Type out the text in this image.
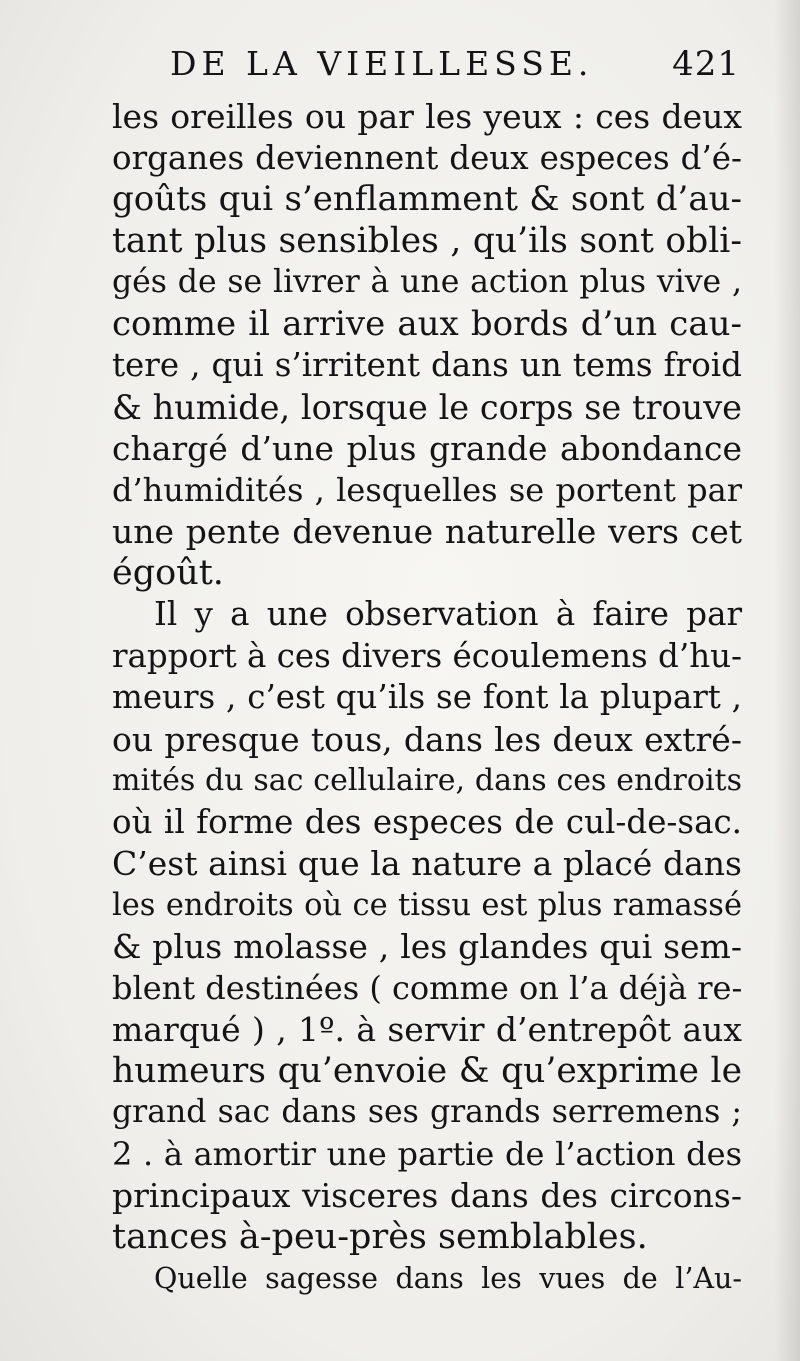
DE LA VIEILLESSE. 421
les oreilles ou par les yeux : ces deux
organes deviennent deux especes d’é-
goûts qui s’enflamment & sont d’au-
tant plus sensibles , qu’ils sont obli-
gés de se livrer à une action plus vive ,
comme il arrive aux bords d’un cau-
tere , qui s’irritent dans un tems froid
& humide, lorsque le corps se trouve
chargé d’une plus grande abondance
d’humidités , lesquelles se portent par
une pente devenue naturelle vers cet
égoût.
Il y a une observation à faire par
rapport à ces divers écoulemens d’hu-
meurs , c’est qu’ils se font la plupart ,
ou presque tous, dans les deux extré-
mités du sac cellulaire, dans ces endroits
où il forme des especes de cul-de-sac.
C’est ainsi que la nature a placé dans
les endroits où ce tissu est plus ramassé
& plus molasse , les glandes qui sem-
blent destinées ( comme on l’a déjà re-
marqué ) , 1º. à servir d’entrepôt aux
humeurs qu’envoie & qu’exprime le
grand sac dans ses grands serremens ;
2 . à amortir une partie de l’action des
principaux visceres dans des circons-
tances à-peu-près semblables.
Quelle sagesse dans les vues de l’Au-
